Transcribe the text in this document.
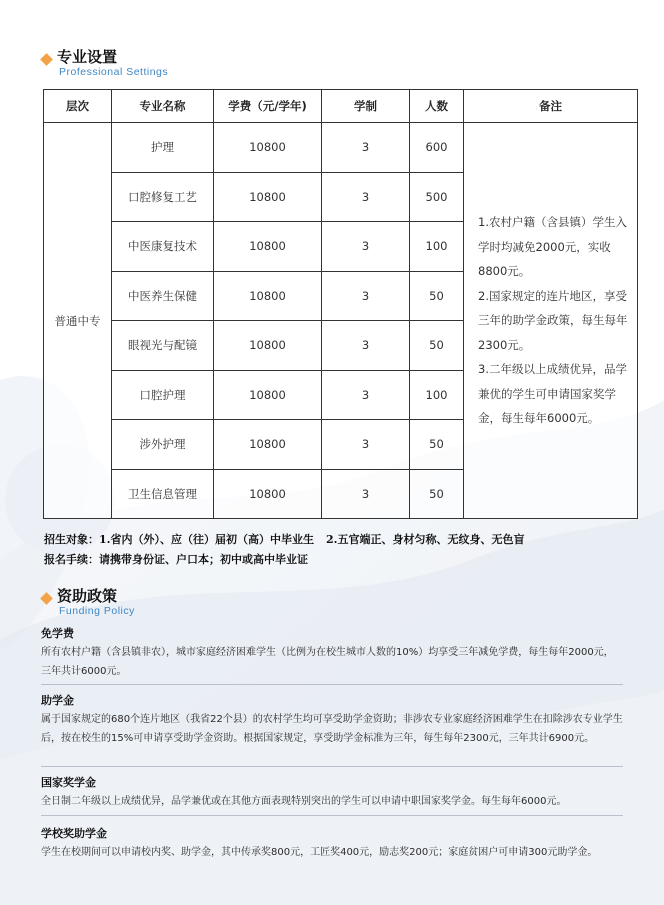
专业设置
Professional Settings
层次	专业名称	学费（元/学年)	学制	人数	备注
普通中专	护理	10800	3	600	1.农村户籍（含县镇）学生入学时均减免2000元，实收8800元。

2.国家规定的连片地区，享受三年的助学金政策，每生每年2300元。

3.二年级以上成绩优异，品学兼优的学生可申请国家奖学金，每生每年6000元。

	口腔修复工艺	10800	3	500	
	中医康复技术	10800	3	100	
	中医养生保健	10800	3	50	
	眼视光与配镜	10800	3	50	
	口腔护理	10800	3	100	
	涉外护理	10800	3	50	
	卫生信息管理	10800	3	50	
招生对象：1.省内（外）、应（往）届初（高）中毕业生 2.五官端正、身材匀称、无纹身、无色盲
报名手续：请携带身份证、户口本；初中或高中毕业证
资助政策
Funding Policy
免学费

所有农村户籍（含县镇非农），城市家庭经济困难学生（比例为在校生城市人数的10%）均享受三年减免学费，每生每年2000元，三年共计6000元。

助学金

属于国家规定的680个连片地区（我省22个县）的农村学生均可享受助学金资助；非涉农专业家庭经济困难学生在扣除涉农专业学生后，按在校生的15%可申请享受助学金资助。根据国家规定，享受助学金标准为三年，每生每年2300元，三年共计6900元。

国家奖学金

全日制二年级以上成绩优异，品学兼优或在其他方面表现特别突出的学生可以申请中职国家奖学金。每生每年6000元。

学校奖助学金

学生在校期间可以申请校内奖、助学金，其中传承奖800元，工匠奖400元，励志奖200元；家庭贫困户可申请300元助学金。
